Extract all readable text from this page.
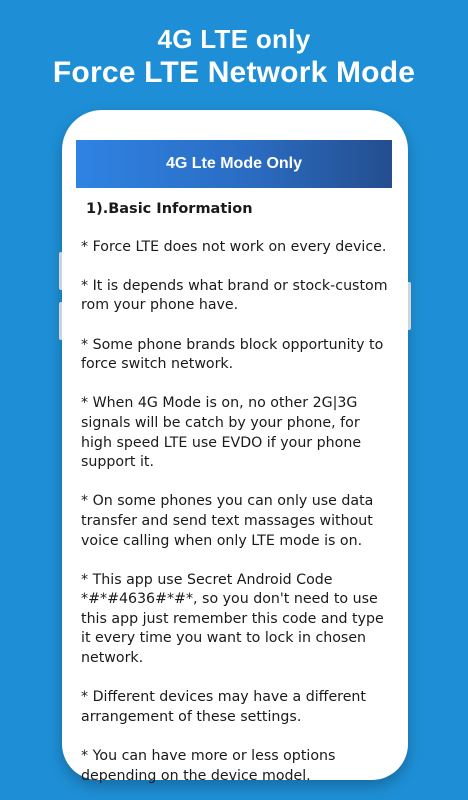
4G LTE only
Force LTE Network Mode
4G Lte Mode Only
1).Basic Information

* Force LTE does not work on every device.

* It is depends what brand or stock-custom rom your phone have.

* Some phone brands block opportunity to force switch network.

* When 4G Mode is on, no other 2G|3G signals will be catch by your phone, for high speed LTE use EVDO if your phone support it.

* On some phones you can only use data transfer and send text massages without voice calling when only LTE mode is on.

* This app use Secret Android Code *#*#4636#*#*, so you don't need to use this app just remember this code and type it every time you want to lock in chosen network.

* Different devices may have a different arrangement of these settings.

* You can have more or less options depending on the device model.
